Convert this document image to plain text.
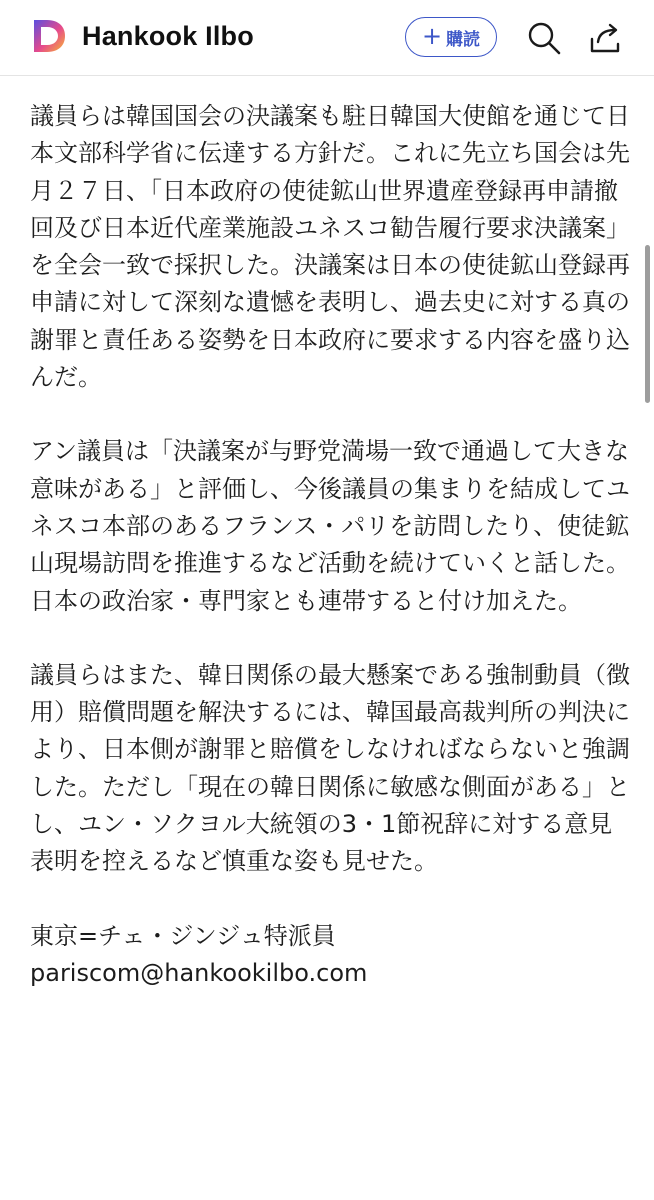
Hankook Ilbo	+ 購読

議員らは韓国国会の決議案も駐日韓国大使館を通じて日本文部科学省に伝達する方針だ。これに先立ち国会は先月２７日、「日本政府の使徒鉱山世界遺産登録再申請撤回及び日本近代産業施設ユネスコ勧告履行要求決議案」を全会一致で採択した。決議案は日本の使徒鉱山登録再申請に対して深刻な遺憾を表明し、過去史に対する真の謝罪と責任ある姿勢を日本政府に要求する内容を盛り込んだ。

アン議員は「決議案が与野党満場一致で通過して大きな意味がある」と評価し、今後議員の集まりを結成してユネスコ本部のあるフランス・パリを訪問したり、使徒鉱山現場訪問を推進するなど活動を続けていくと話した。日本の政治家・専門家とも連帯すると付け加えた。

議員らはまた、韓日関係の最大懸案である強制動員（徴用）賠償問題を解決するには、韓国最高裁判所の判決により、日本側が謝罪と賠償をしなければならないと強調した。ただし「現在の韓日関係に敏感な側面がある」とし、ユン・ソクヨル大統領の3・1節祝辞に対する意見表明を控えるなど慎重な姿も見せた。

東京=チェ・ジンジュ特派員 pariscom@hankookilbo.com
